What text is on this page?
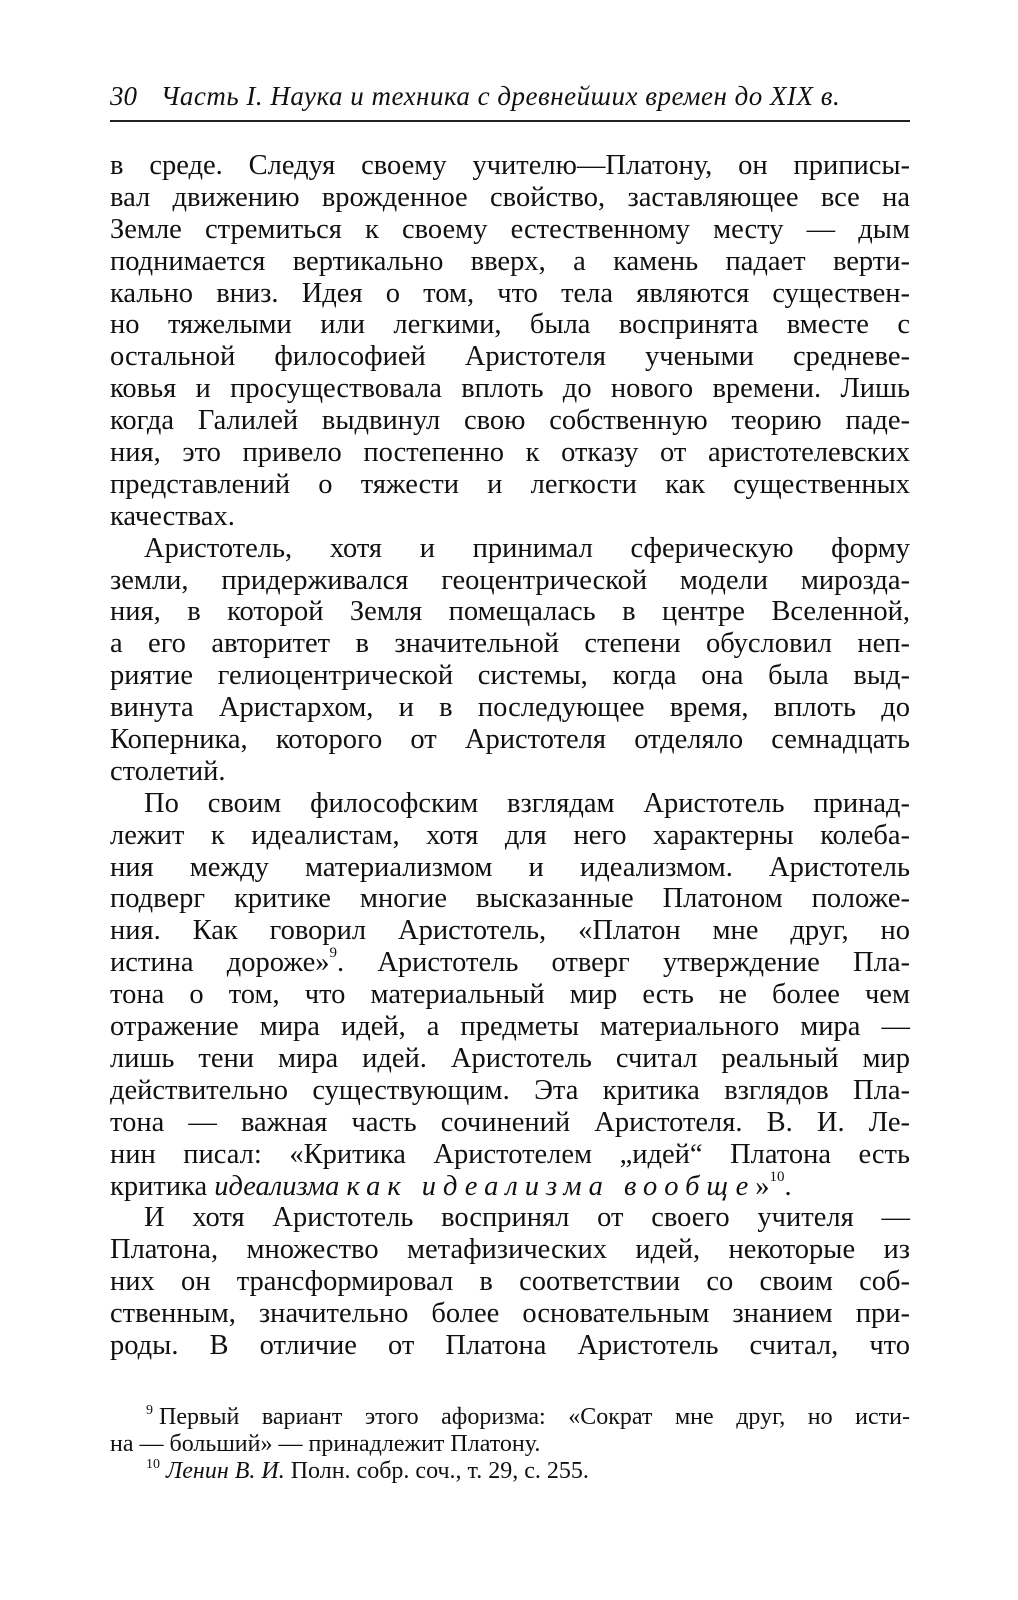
30 Часть I. Наука и техника с древнейших времен до XIX в.
в среде. Следуя своему учителю—Платону, он приписы-
вал движению врожденное свойство, заставляющее все на
Земле стремиться к своему естественному месту — дым
поднимается вертикально вверх, а камень падает верти-
кально вниз. Идея о том, что тела являются существен-
но тяжелыми или легкими, была воспринята вместе с
остальной философией Аристотеля учеными средневе-
ковья и просуществовала вплоть до нового времени. Лишь
когда Галилей выдвинул свою собственную теорию паде-
ния, это привело постепенно к отказу от аристотелевских
представлений о тяжести и легкости как существенных
качествах.
Аристотель, хотя и принимал сферическую форму
земли, придерживался геоцентрической модели мирозда-
ния, в которой Земля помещалась в центре Вселенной,
а его авторитет в значительной степени обусловил неп-
риятие гелиоцентрической системы, когда она была выд-
винута Аристархом, и в последующее время, вплоть до
Коперника, которого от Аристотеля отделяло семнадцать
столетий.
По своим философским взглядам Аристотель принад-
лежит к идеалистам, хотя для него характерны колеба-
ния между материализмом и идеализмом. Аристотель
подверг критике многие высказанные Платоном положе-
ния. Как говорил Аристотель, «Платон мне друг, но
истина дороже»$^9$. Аристотель отверг утверждение Пла-
тона о том, что материальный мир есть не более чем
отражение мира идей, а предметы материального мира —
лишь тени мира идей. Аристотель считал реальный мир
действительно существующим. Эта критика взглядов Пла-
тона — важная часть сочинений Аристотеля. В. И. Ле-
нин писал: «Критика Аристотелем „идей“ Платона есть
критика идеализма как идеализма вообще»$^{10}$.
И хотя Аристотель воспринял от своего учителя —
Платона, множество метафизических идей, некоторые из
них он трансформировал в соответствии со своим соб-
ственным, значительно более основательным знанием при-
роды. В отличие от Платона Аристотель считал, что
$^9$ Первый вариант этого афоризма: «Сократ мне друг, но исти-
на — больший» — принадлежит Платону.
$^{10}$ Ленин В. И. Полн. собр. соч., т. 29, с. 255.
